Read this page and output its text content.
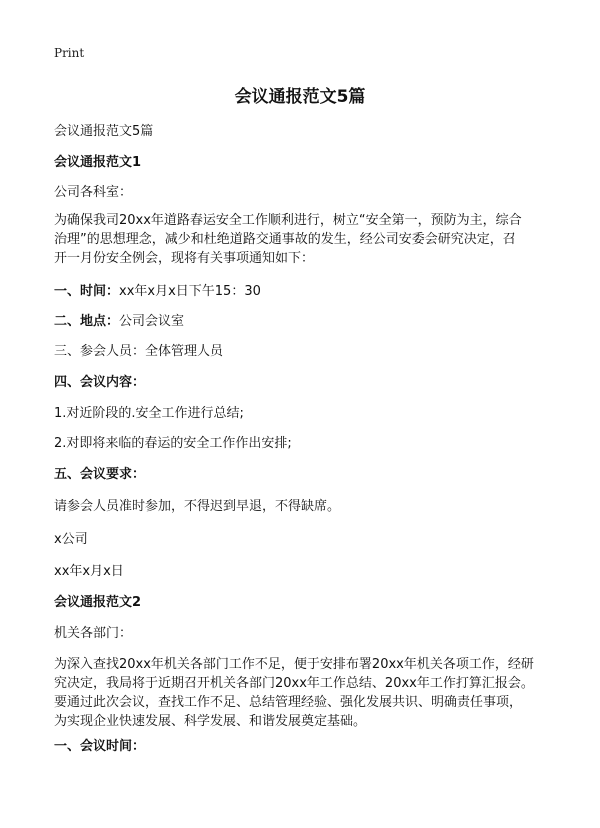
Print
会议通报范文5篇
会议通报范文5篇
会议通报范文1
公司各科室：
为确保我司20xx年道路春运安全工作顺利进行，树立“安全第一，预防为主，综合
治理”的思想理念，减少和杜绝道路交通事故的发生，经公司安委会研究决定，召
开一月份安全例会，现将有关事项通知如下：
一、时间：xx年x月x日下午15：30
二、地点：公司会议室
三、参会人员：全体管理人员
四、会议内容：
1.对近阶段的.安全工作进行总结;
2.对即将来临的春运的安全工作作出安排;
五、会议要求：
请参会人员准时参加，不得迟到早退，不得缺席。
x公司
xx年x月x日
会议通报范文2
机关各部门：
为深入查找20xx年机关各部门工作不足，便于安排布署20xx年机关各项工作，经研
究决定，我局将于近期召开机关各部门20xx年工作总结、20xx年工作打算汇报会。
要通过此次会议，查找工作不足、总结管理经验、强化发展共识、明确责任事项，
为实现企业快速发展、科学发展、和谐发展奠定基础。
一、会议时间：
